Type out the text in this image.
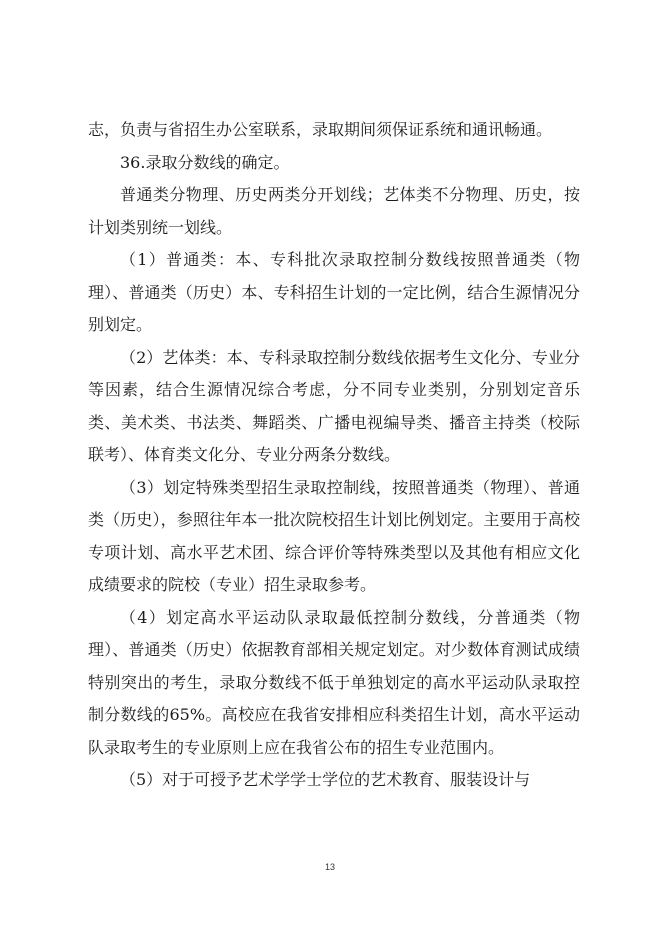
志，负责与省招生办公室联系，录取期间须保证系统和通讯畅通。

36.录取分数线的确定。

普通类分物理、历史两类分开划线；艺体类不分物理、历史，按计划类别统一划线。

（1）普通类：本、专科批次录取控制分数线按照普通类（物理）、普通类（历史）本、专科招生计划的一定比例，结合生源情况分别划定。

（2）艺体类：本、专科录取控制分数线依据考生文化分、专业分等因素，结合生源情况综合考虑，分不同专业类别，分别划定音乐类、美术类、书法类、舞蹈类、广播电视编导类、播音主持类（校际联考）、体育类文化分、专业分两条分数线。

（3）划定特殊类型招生录取控制线，按照普通类（物理）、普通类（历史），参照往年本一批次院校招生计划比例划定。主要用于高校专项计划、高水平艺术团、综合评价等特殊类型以及其他有相应文化成绩要求的院校（专业）招生录取参考。

（4）划定高水平运动队录取最低控制分数线，分普通类（物理）、普通类（历史）依据教育部相关规定划定。对少数体育测试成绩特别突出的考生，录取分数线不低于单独划定的高水平运动队录取控制分数线的65%。高校应在我省安排相应科类招生计划，高水平运动队录取考生的专业原则上应在我省公布的招生专业范围内。

（5）对于可授予艺术学学士学位的艺术教育、服装设计与

13
